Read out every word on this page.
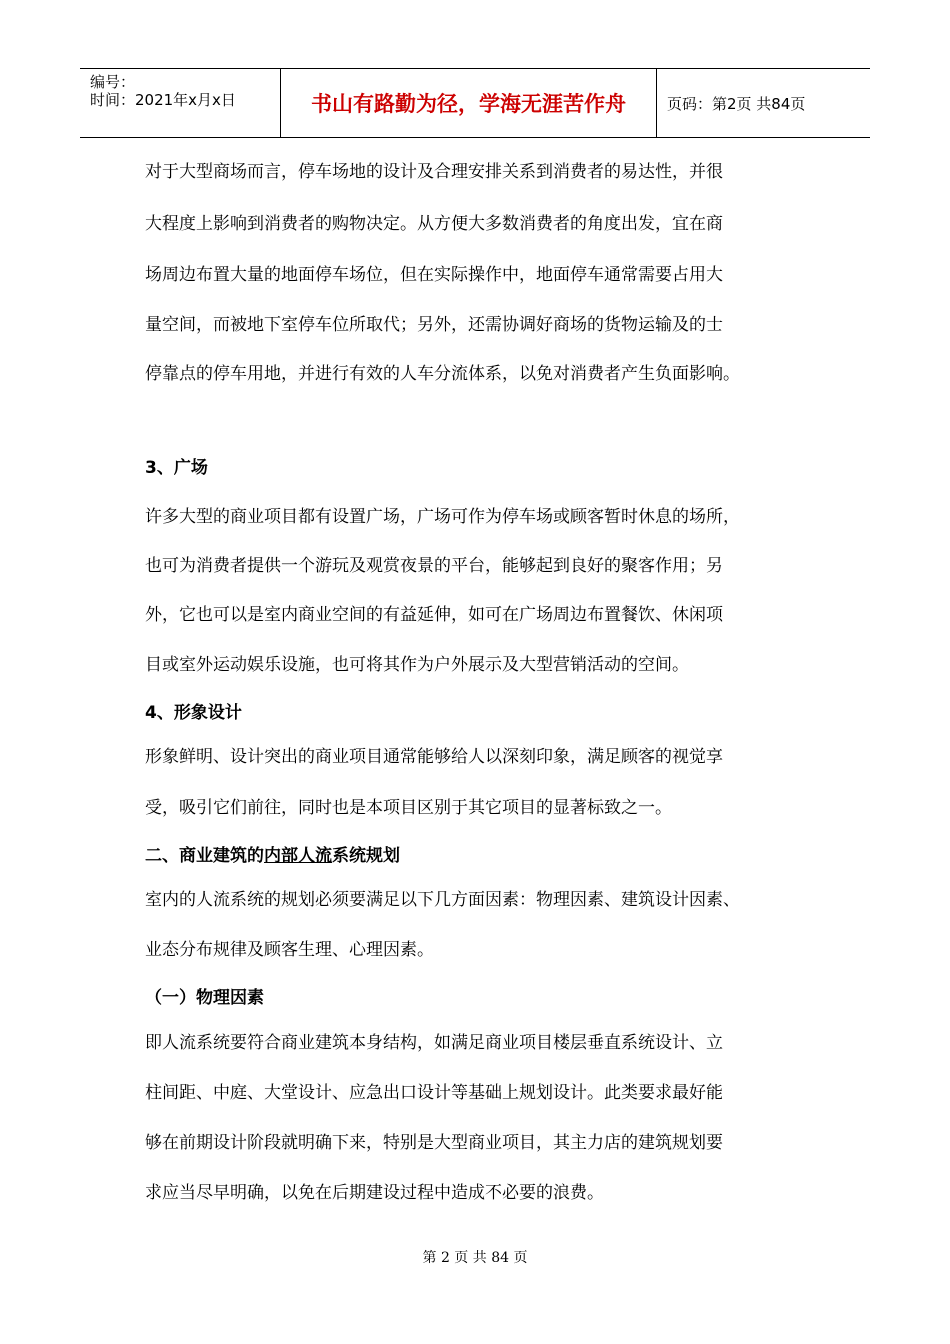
编号：
时间：2021年x月x日	书山有路勤为径，学海无涯苦作舟	页码：第2页 共84页
对于大型商场而言，停车场地的设计及合理安排关系到消费者的易达性，并很
大程度上影响到消费者的购物决定。从方便大多数消费者的角度出发，宜在商
场周边布置大量的地面停车场位，但在实际操作中，地面停车通常需要占用大
量空间，而被地下室停车位所取代；另外，还需协调好商场的货物运输及的士
停靠点的停车用地，并进行有效的人车分流体系，以免对消费者产生负面影响。
3、广场
许多大型的商业项目都有设置广场，广场可作为停车场或顾客暂时休息的场所，
也可为消费者提供一个游玩及观赏夜景的平台，能够起到良好的聚客作用；另
外，它也可以是室内商业空间的有益延伸，如可在广场周边布置餐饮、休闲项
目或室外运动娱乐设施，也可将其作为户外展示及大型营销活动的空间。
4、形象设计
形象鲜明、设计突出的商业项目通常能够给人以深刻印象，满足顾客的视觉享
受，吸引它们前往，同时也是本项目区别于其它项目的显著标致之一。
二、商业建筑的内部人流系统规划
室内的人流系统的规划必须要满足以下几方面因素：物理因素、建筑设计因素、
业态分布规律及顾客生理、心理因素。
（一）物理因素
即人流系统要符合商业建筑本身结构，如满足商业项目楼层垂直系统设计、立
柱间距、中庭、大堂设计、应急出口设计等基础上规划设计。此类要求最好能
够在前期设计阶段就明确下来，特别是大型商业项目，其主力店的建筑规划要
求应当尽早明确，以免在后期建设过程中造成不必要的浪费。
第 2 页 共 84 页
